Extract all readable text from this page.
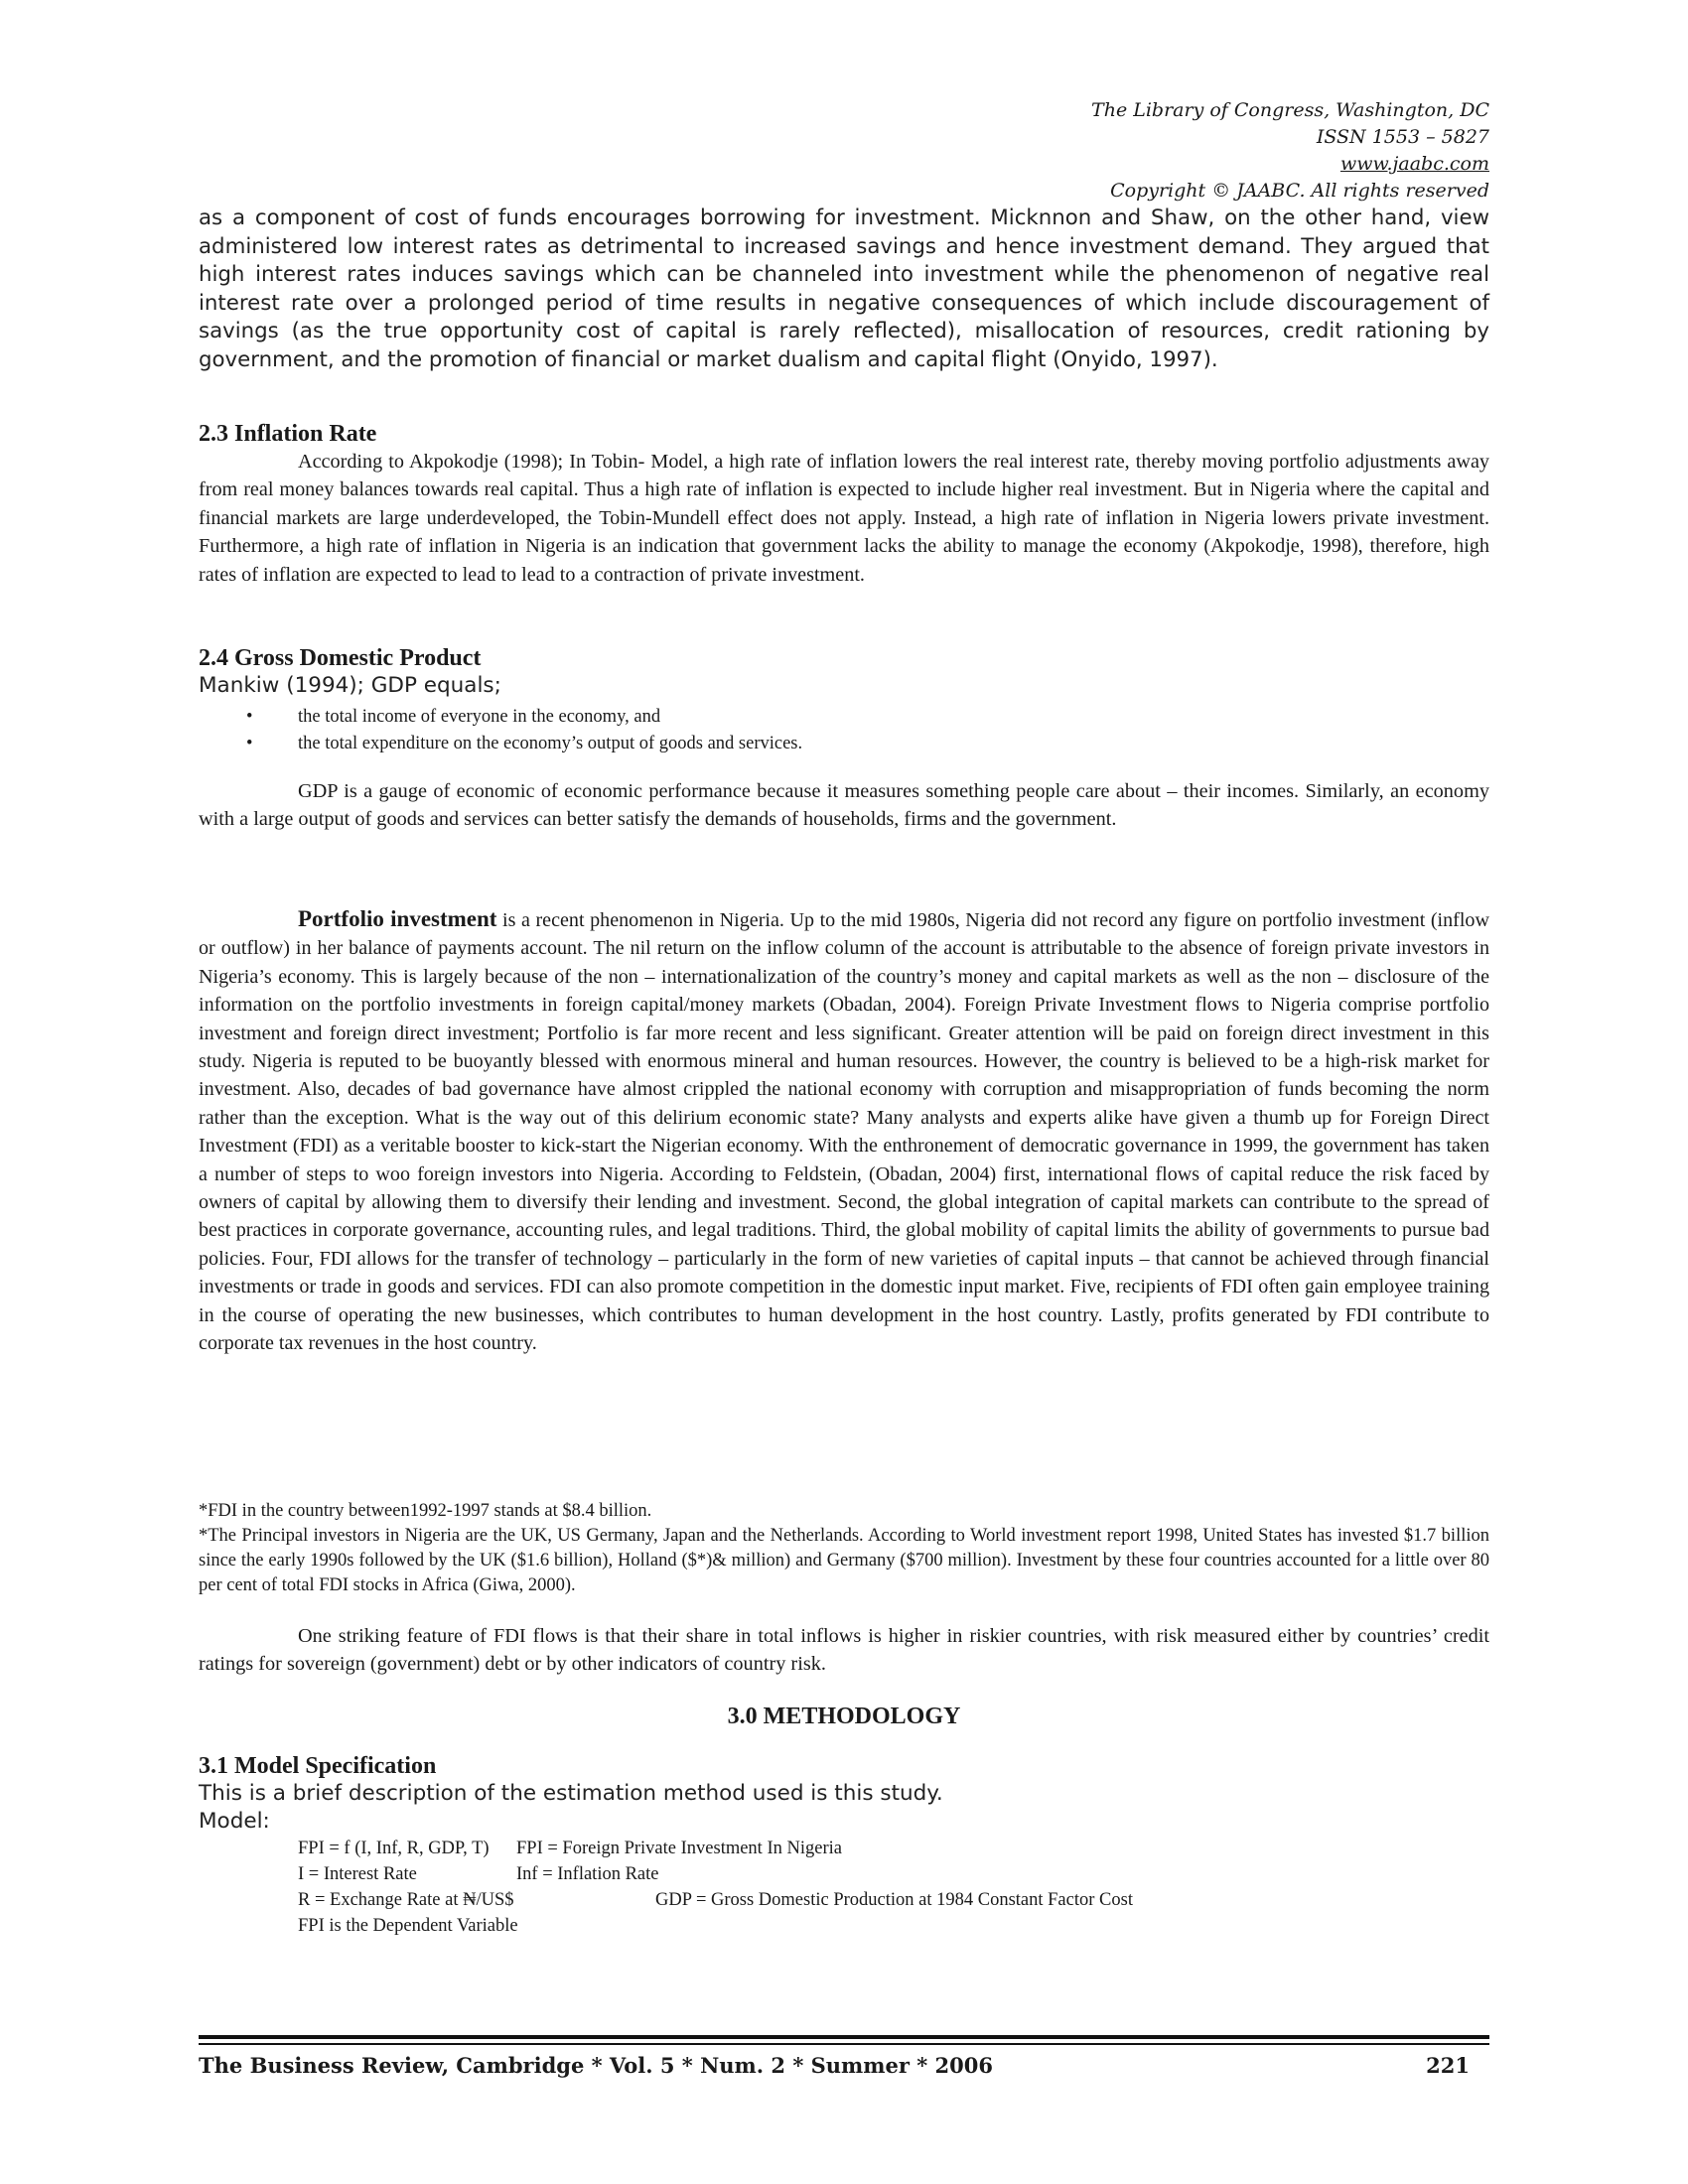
The Library of Congress, Washington, DC
ISSN 1553 – 5827
www.jaabc.com
Copyright © JAABC. All rights reserved

as a component of cost of funds encourages borrowing for investment. Micknnon and Shaw, on the other hand, view administered low interest rates as detrimental to increased savings and hence investment demand. They argued that high interest rates induces savings which can be channeled into investment while the phenomenon of negative real interest rate over a prolonged period of time results in negative consequences of which include discouragement of savings (as the true opportunity cost of capital is rarely reflected), misallocation of resources, credit rationing by government, and the promotion of financial or market dualism and capital flight (Onyido, 1997).

2.3 Inflation Rate

According to Akpokodje (1998); In Tobin- Model, a high rate of inflation lowers the real interest rate, thereby moving portfolio adjustments away from real money balances towards real capital. Thus a high rate of inflation is expected to include higher real investment. But in Nigeria where the capital and financial markets are large underdeveloped, the Tobin-Mundell effect does not apply. Instead, a high rate of inflation in Nigeria lowers private investment. Furthermore, a high rate of inflation in Nigeria is an indication that government lacks the ability to manage the economy (Akpokodje, 1998), therefore, high rates of inflation are expected to lead to lead to a contraction of private investment.

2.4 Gross Domestic Product

Mankiw (1994); GDP equals;

• the total income of everyone in the economy, and
• the total expenditure on the economy’s output of goods and services.

GDP is a gauge of economic of economic performance because it measures something people care about – their incomes. Similarly, an economy with a large output of goods and services can better satisfy the demands of households, firms and the government.

Portfolio investment is a recent phenomenon in Nigeria. Up to the mid 1980s, Nigeria did not record any figure on portfolio investment (inflow or outflow) in her balance of payments account. The nil return on the inflow column of the account is attributable to the absence of foreign private investors in Nigeria’s economy. This is largely because of the non – internationalization of the country’s money and capital markets as well as the non – disclosure of the information on the portfolio investments in foreign capital/money markets (Obadan, 2004). Foreign Private Investment flows to Nigeria comprise portfolio investment and foreign direct investment; Portfolio is far more recent and less significant. Greater attention will be paid on foreign direct investment in this study. Nigeria is reputed to be buoyantly blessed with enormous mineral and human resources. However, the country is believed to be a high-risk market for investment. Also, decades of bad governance have almost crippled the national economy with corruption and misappropriation of funds becoming the norm rather than the exception. What is the way out of this delirium economic state? Many analysts and experts alike have given a thumb up for Foreign Direct Investment (FDI) as a veritable booster to kick-start the Nigerian economy. With the enthronement of democratic governance in 1999, the government has taken a number of steps to woo foreign investors into Nigeria. According to Feldstein, (Obadan, 2004) first, international flows of capital reduce the risk faced by owners of capital by allowing them to diversify their lending and investment. Second, the global integration of capital markets can contribute to the spread of best practices in corporate governance, accounting rules, and legal traditions. Third, the global mobility of capital limits the ability of governments to pursue bad policies. Four, FDI allows for the transfer of technology – particularly in the form of new varieties of capital inputs – that cannot be achieved through financial investments or trade in goods and services. FDI can also promote competition in the domestic input market. Five, recipients of FDI often gain employee training in the course of operating the new businesses, which contributes to human development in the host country. Lastly, profits generated by FDI contribute to corporate tax revenues in the host country.

*FDI in the country between1992-1997 stands at $8.4 billion.

*The Principal investors in Nigeria are the UK, US Germany, Japan and the Netherlands. According to World investment report 1998, United States has invested $1.7 billion since the early 1990s followed by the UK ($1.6 billion), Holland ($*)& million) and Germany ($700 million). Investment by these four countries accounted for a little over 80 per cent of total FDI stocks in Africa (Giwa, 2000).

One striking feature of FDI flows is that their share in total inflows is higher in riskier countries, with risk measured either by countries’ credit ratings for sovereign (government) debt or by other indicators of country risk.

3.0 METHODOLOGY

3.1 Model Specification

This is a brief description of the estimation method used is this study.

Model:

FPI = f (I, Inf, R, GDP, T) FPI = Foreign Private Investment In Nigeria
I = Interest Rate	Inf = Inflation Rate
R = Exchange Rate at ₦/US$	GDP = Gross Domestic Production at 1984 Constant Factor Cost
FPI is the Dependent Variable
The Business Review, Cambridge * Vol. 5 * Num. 2 * Summer * 2006	221
